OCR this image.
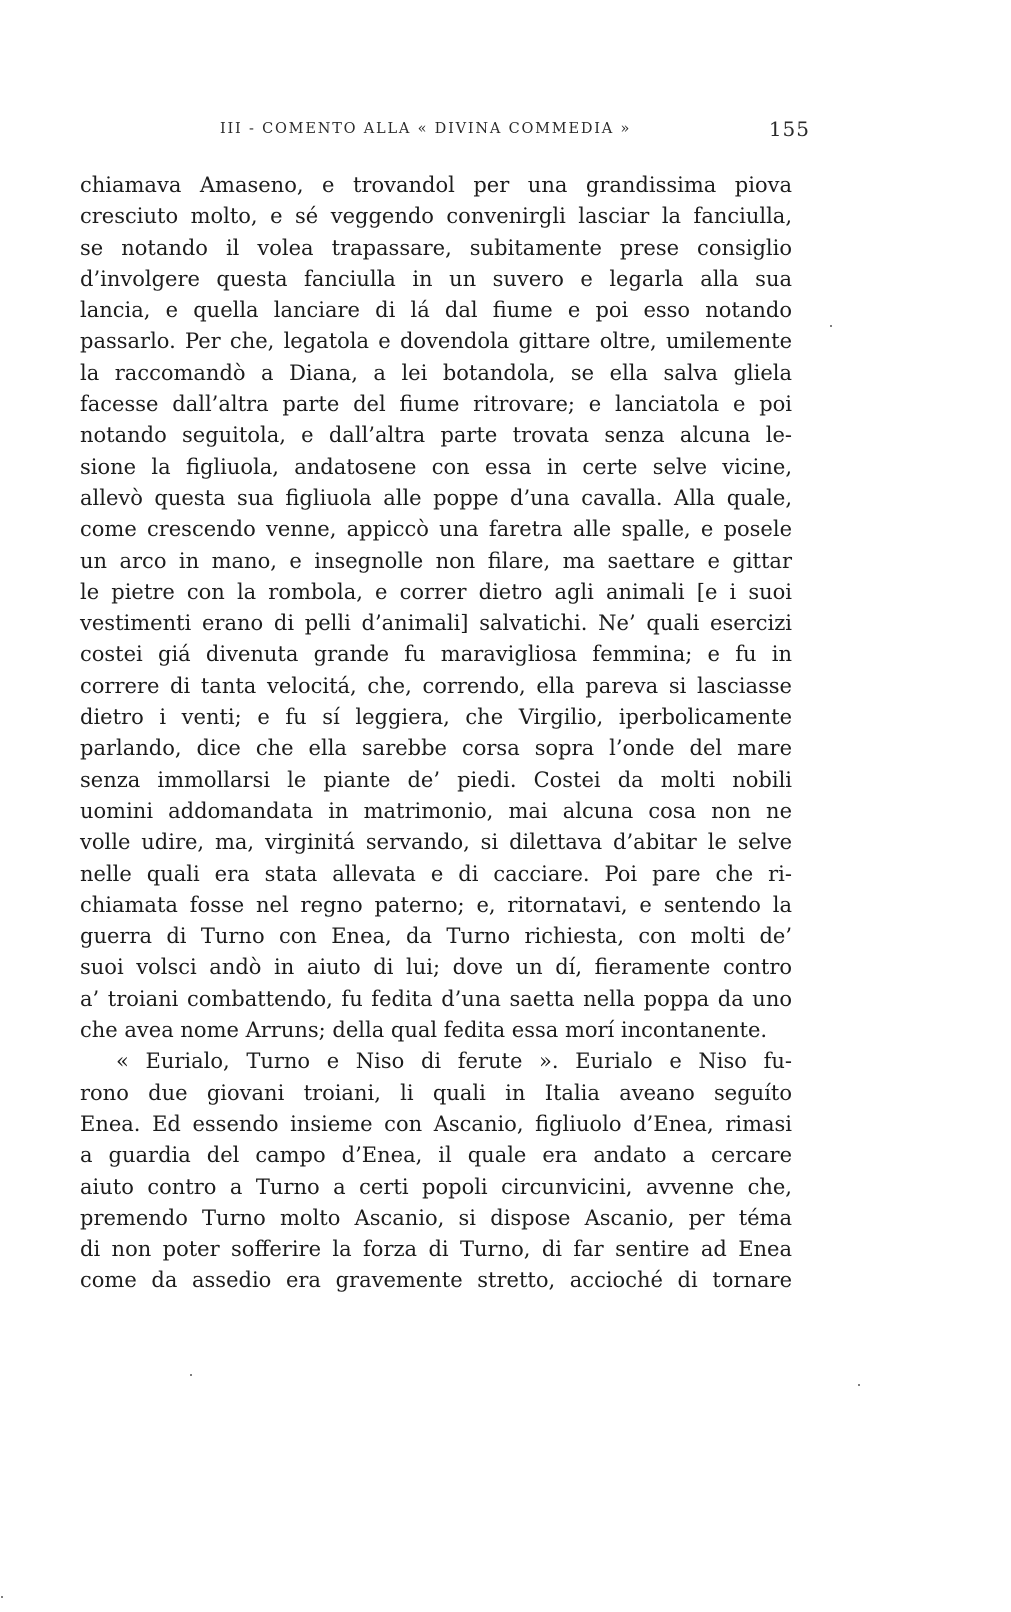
III - COMENTO ALLA « DIVINA COMMEDIA »	155
chiamava Amaseno, e trovandol per una grandissima piova
cresciuto molto, e sé veggendo convenirgli lasciar la fanciulla,
se notando il volea trapassare, subitamente prese consiglio
d’involgere questa fanciulla in un suvero e legarla alla sua
lancia, e quella lanciare di lá dal fiume e poi esso notando
passarlo. Per che, legatola e dovendola gittare oltre, umilemente
la raccomandò a Diana, a lei botandola, se ella salva gliela
facesse dall’altra parte del fiume ritrovare; e lanciatola e poi
notando seguitola, e dall’altra parte trovata senza alcuna le-
sione la figliuola, andatosene con essa in certe selve vicine,
allevò questa sua figliuola alle poppe d’una cavalla. Alla quale,
come crescendo venne, appiccò una faretra alle spalle, e posele
un arco in mano, e insegnolle non filare, ma saettare e gittar
le pietre con la rombola, e correr dietro agli animali [e i suoi
vestimenti erano di pelli d’animali] salvatichi. Ne’ quali esercizi
costei giá divenuta grande fu maravigliosa femmina; e fu in
correre di tanta velocitá, che, correndo, ella pareva si lasciasse
dietro i venti; e fu sí leggiera, che Virgilio, iperbolicamente
parlando, dice che ella sarebbe corsa sopra l’onde del mare
senza immollarsi le piante de’ piedi. Costei da molti nobili
uomini addomandata in matrimonio, mai alcuna cosa non ne
volle udire, ma, virginitá servando, si dilettava d’abitar le selve
nelle quali era stata allevata e di cacciare. Poi pare che ri-
chiamata fosse nel regno paterno; e, ritornatavi, e sentendo la
guerra di Turno con Enea, da Turno richiesta, con molti de’
suoi volsci andò in aiuto di lui; dove un dí, fieramente contro
a’ troiani combattendo, fu fedita d’una saetta nella poppa da uno
che avea nome Arruns; della qual fedita essa morí incontanente.
« Eurialo, Turno e Niso di ferute ». Eurialo e Niso fu-
rono due giovani troiani, li quali in Italia aveano seguíto
Enea. Ed essendo insieme con Ascanio, figliuolo d’Enea, rimasi
a guardia del campo d’Enea, il quale era andato a cercare
aiuto contro a Turno a certi popoli circunvicini, avvenne che,
premendo Turno molto Ascanio, si dispose Ascanio, per téma
di non poter sofferire la forza di Turno, di far sentire ad Enea
come da assedio era gravemente stretto, accioché di tornare
